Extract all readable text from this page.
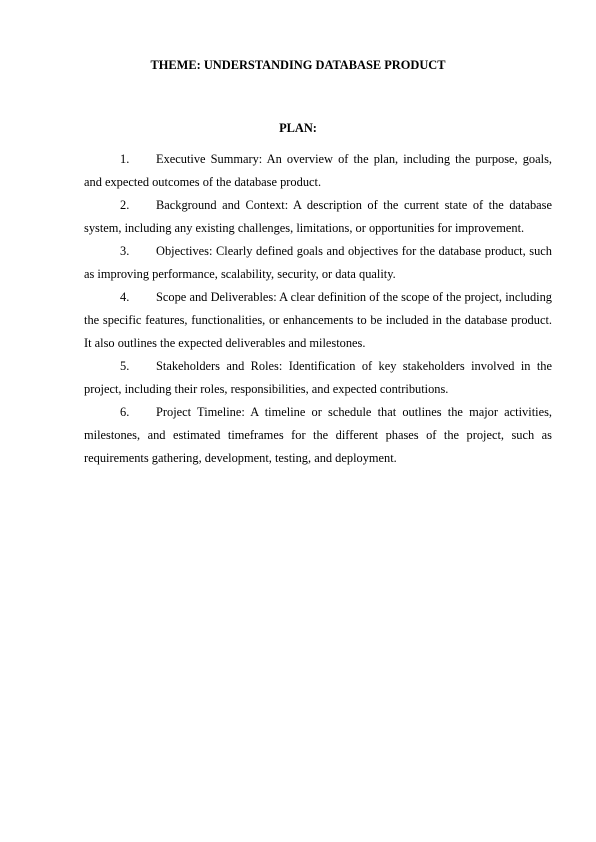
THEME: UNDERSTANDING DATABASE PRODUCT
PLAN:
1. Executive Summary: An overview of the plan, including the purpose, goals, and expected outcomes of the database product.
2. Background and Context: A description of the current state of the database system, including any existing challenges, limitations, or opportunities for improvement.
3. Objectives: Clearly defined goals and objectives for the database product, such as improving performance, scalability, security, or data quality.
4. Scope and Deliverables: A clear definition of the scope of the project, including the specific features, functionalities, or enhancements to be included in the database product. It also outlines the expected deliverables and milestones.
5. Stakeholders and Roles: Identification of key stakeholders involved in the project, including their roles, responsibilities, and expected contributions.
6. Project Timeline: A timeline or schedule that outlines the major activities, milestones, and estimated timeframes for the different phases of the project, such as requirements gathering, development, testing, and deployment.
